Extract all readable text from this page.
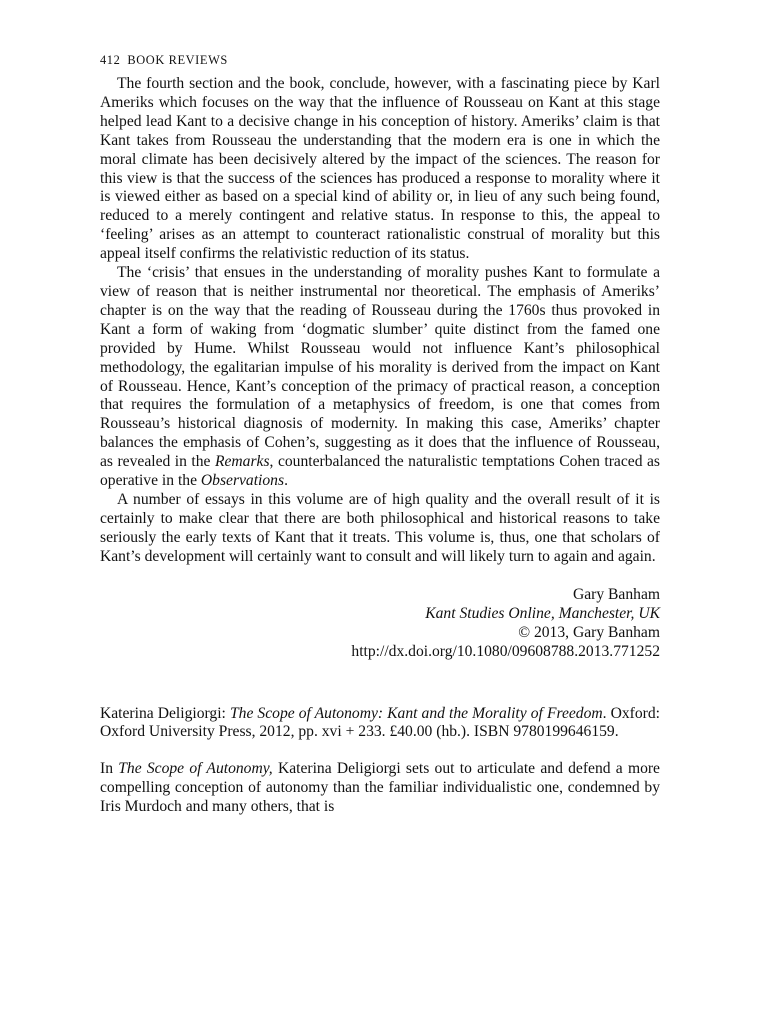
412 BOOK REVIEWS

The fourth section and the book, conclude, however, with a fascinating piece by Karl Ameriks which focuses on the way that the influence of Rousseau on Kant at this stage helped lead Kant to a decisive change in his conception of history. Ameriks’ claim is that Kant takes from Rousseau the understanding that the modern era is one in which the moral climate has been decisively altered by the impact of the sciences. The reason for this view is that the success of the sciences has produced a response to morality where it is viewed either as based on a special kind of ability or, in lieu of any such being found, reduced to a merely contingent and relative status. In response to this, the appeal to ‘feeling’ arises as an attempt to counteract rationalistic construal of morality but this appeal itself confirms the relativistic reduction of its status.

The ‘crisis’ that ensues in the understanding of morality pushes Kant to formulate a view of reason that is neither instrumental nor theoretical. The emphasis of Ameriks’ chapter is on the way that the reading of Rousseau during the 1760s thus provoked in Kant a form of waking from ‘dogmatic slumber’ quite distinct from the famed one provided by Hume. Whilst Rousseau would not influence Kant’s philosophical methodology, the egalitarian impulse of his morality is derived from the impact on Kant of Rousseau. Hence, Kant’s conception of the primacy of practical reason, a conception that requires the formulation of a metaphysics of freedom, is one that comes from Rousseau’s historical diagnosis of modernity. In making this case, Ameriks’ chapter balances the emphasis of Cohen’s, suggesting as it does that the influence of Rousseau, as revealed in the Remarks, counterbalanced the naturalistic temptations Cohen traced as operative in the Observations.

A number of essays in this volume are of high quality and the overall result of it is certainly to make clear that there are both philosophical and historical reasons to take seriously the early texts of Kant that it treats. This volume is, thus, one that scholars of Kant’s development will certainly want to consult and will likely turn to again and again.

Gary Banham
Kant Studies Online, Manchester, UK
© 2013, Gary Banham
http://dx.doi.org/10.1080/09608788.2013.771252

Katerina Deligiorgi: The Scope of Autonomy: Kant and the Morality of Freedom. Oxford: Oxford University Press, 2012, pp. xvi + 233. £40.00 (hb.). ISBN 9780199646159.

In The Scope of Autonomy, Katerina Deligiorgi sets out to articulate and defend a more compelling conception of autonomy than the familiar individualistic one, condemned by Iris Murdoch and many others, that is
